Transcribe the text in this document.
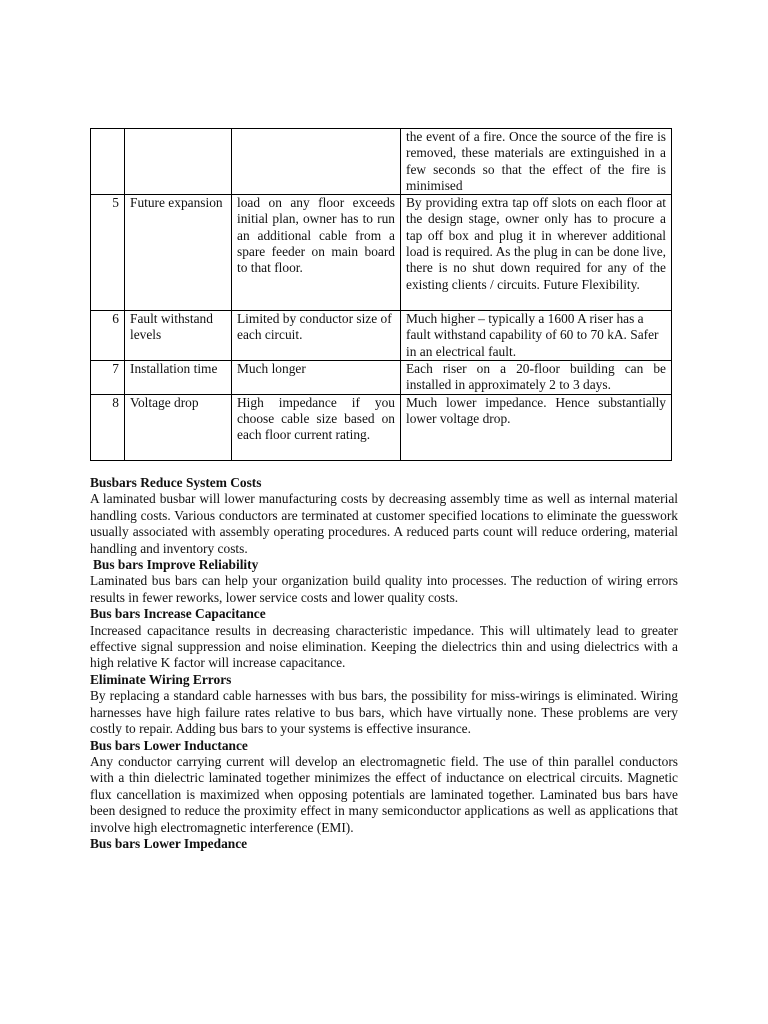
			the event of a fire. Once the source of the fire is removed, these materials are extinguished in a few seconds so that the effect of the fire is minimised
5	Future expansion	load on any floor exceeds initial plan, owner has to run an additional cable from a spare feeder on main board to that floor.	By providing extra tap off slots on each floor at the design stage, owner only has to procure a tap off box and plug it in wherever additional load is required. As the plug in can be done live, there is no shut down required for any of the existing clients / circuits. Future Flexibility.
6	Fault withstand levels	Limited by conductor size of each circuit.	Much higher – typically a 1600 A riser has a fault withstand capability of 60 to 70 kA. Safer in an electrical fault.
7	Installation time	Much longer	Each riser on a 20-floor building can be installed in approximately 2 to 3 days.
8	Voltage drop	High impedance if you choose cable size based on each floor current rating.	Much lower impedance. Hence substantially lower voltage drop.
Busbars Reduce System Costs

A laminated busbar will lower manufacturing costs by decreasing assembly time as well as internal material handling costs. Various conductors are terminated at customer specified locations to eliminate the guesswork usually associated with assembly operating procedures. A reduced parts count will reduce ordering, material handling and inventory costs.

Bus bars Improve Reliability

Laminated bus bars can help your organization build quality into processes. The reduction of wiring errors results in fewer reworks, lower service costs and lower quality costs.

Bus bars Increase Capacitance

Increased capacitance results in decreasing characteristic impedance. This will ultimately lead to greater effective signal suppression and noise elimination. Keeping the dielectrics thin and using dielectrics with a high relative K factor will increase capacitance.

Eliminate Wiring Errors

By replacing a standard cable harnesses with bus bars, the possibility for miss-wirings is eliminated. Wiring harnesses have high failure rates relative to bus bars, which have virtually none. These problems are very costly to repair. Adding bus bars to your systems is effective insurance.

Bus bars Lower Inductance

Any conductor carrying current will develop an electromagnetic field. The use of thin parallel conductors with a thin dielectric laminated together minimizes the effect of inductance on electrical circuits. Magnetic flux cancellation is maximized when opposing potentials are laminated together. Laminated bus bars have been designed to reduce the proximity effect in many semiconductor applications as well as applications that involve high electromagnetic interference (EMI).

Bus bars Lower Impedance
